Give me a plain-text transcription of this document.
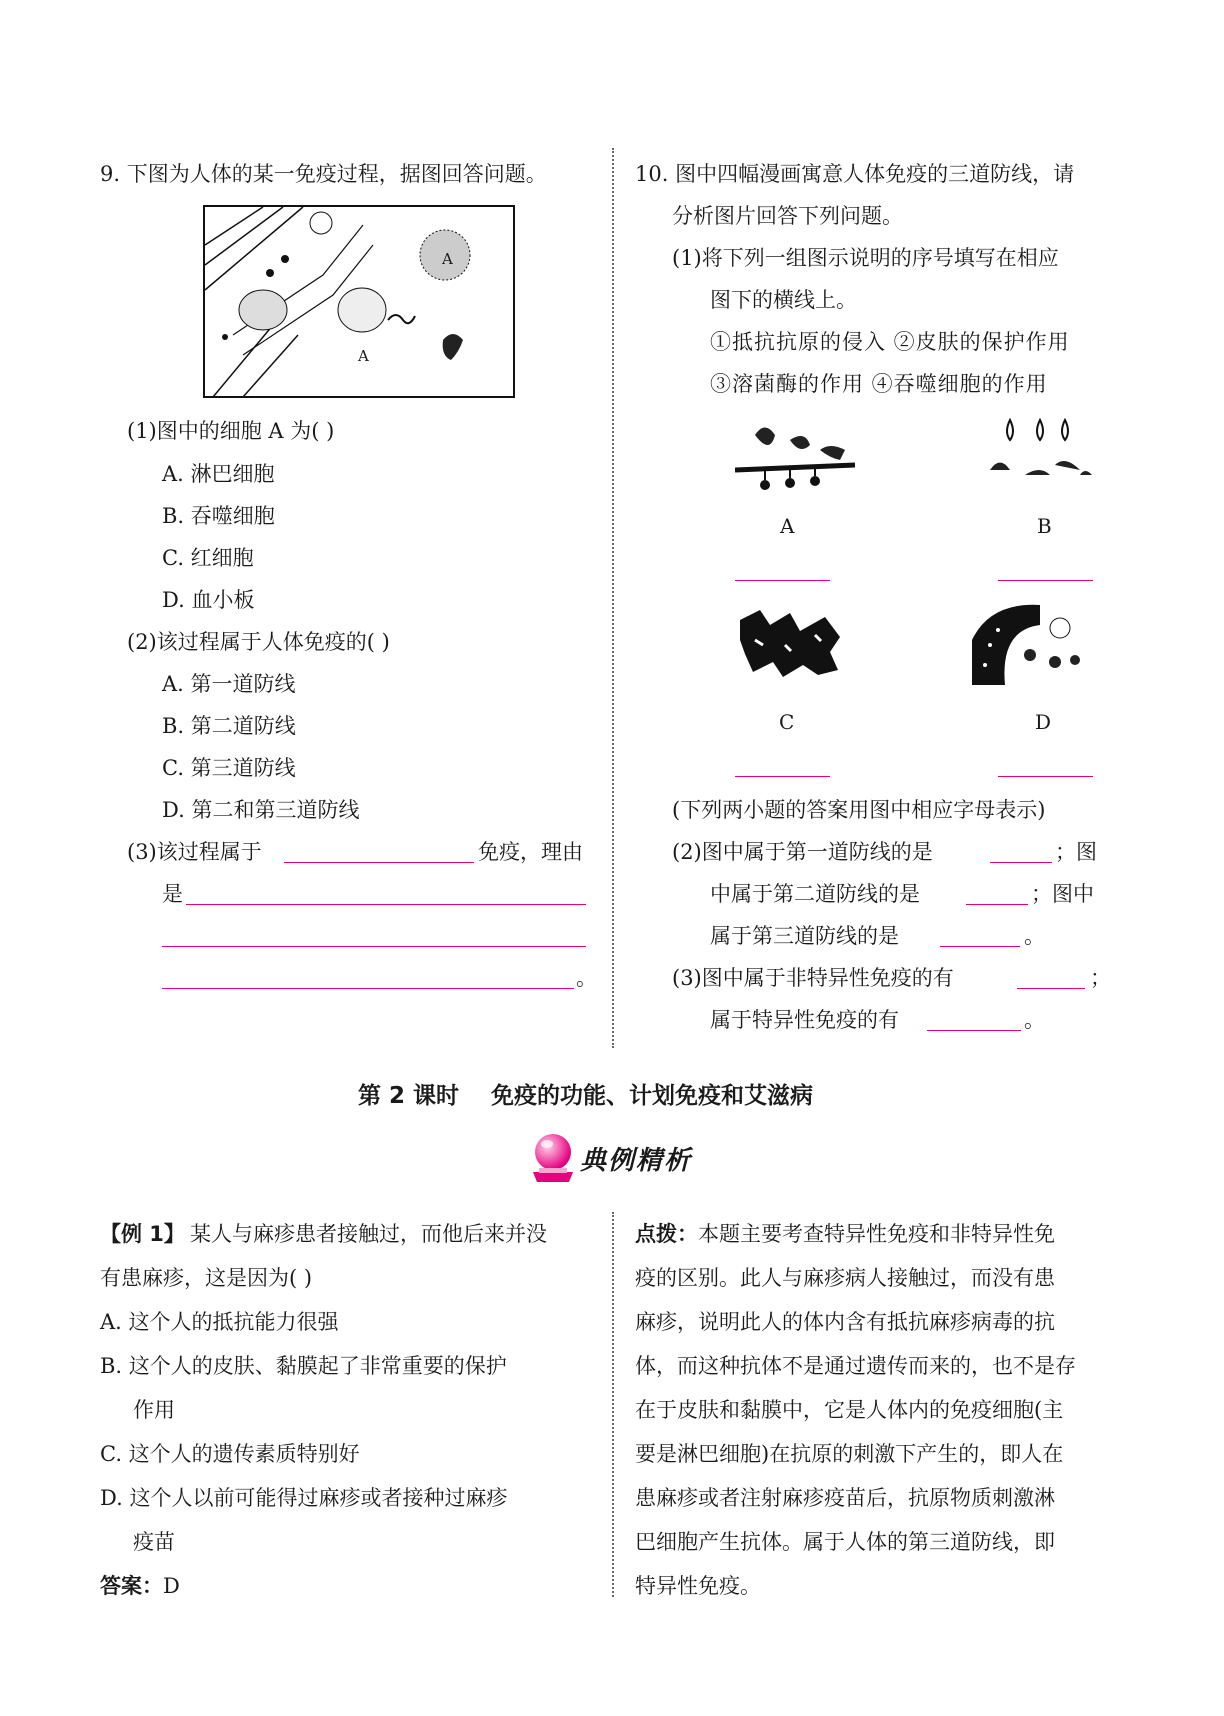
9. 下图为人体的某一免疫过程，据图回答问题。
A
A
(1)图中的细胞 A 为( )
A. 淋巴细胞
B. 吞噬细胞
C. 红细胞
D. 血小板
(2)该过程属于人体免疫的( )
A. 第一道防线
B. 第二道防线
C. 第三道防线
D. 第二和第三道防线
(3)该过程属于	免疫，理由
是
。
10. 图中四幅漫画寓意人体免疫的三道防线，请
分析图片回答下列问题。
(1)将下列一组图示说明的序号填写在相应
图下的横线上。
①抵抗抗原的侵入 ②皮肤的保护作用
③溶菌酶的作用 ④吞噬细胞的作用
A	B
C	D
(下列两小题的答案用图中相应字母表示)
(2)图中属于第一道防线的是	；图
中属于第二道防线的是	；图中
属于第三道防线的是	。
(3)图中属于非特异性免疫的有	；
属于特异性免疫的有	。
第 2 课时    免疫的功能、计划免疫和艾滋病
典例精析
【例 1】 某人与麻疹患者接触过，而他后来并没
有患麻疹，这是因为( )
A. 这个人的抵抗能力很强
B. 这个人的皮肤、黏膜起了非常重要的保护
作用
C. 这个人的遗传素质特别好
D. 这个人以前可能得过麻疹或者接种过麻疹
疫苗
答案：D
点拨：本题主要考查特异性免疫和非特异性免
疫的区别。此人与麻疹病人接触过，而没有患
麻疹，说明此人的体内含有抵抗麻疹病毒的抗
体，而这种抗体不是通过遗传而来的，也不是存
在于皮肤和黏膜中，它是人体内的免疫细胞(主
要是淋巴细胞)在抗原的刺激下产生的，即人在
患麻疹或者注射麻疹疫苗后，抗原物质刺激淋
巴细胞产生抗体。属于人体的第三道防线，即
特异性免疫。
